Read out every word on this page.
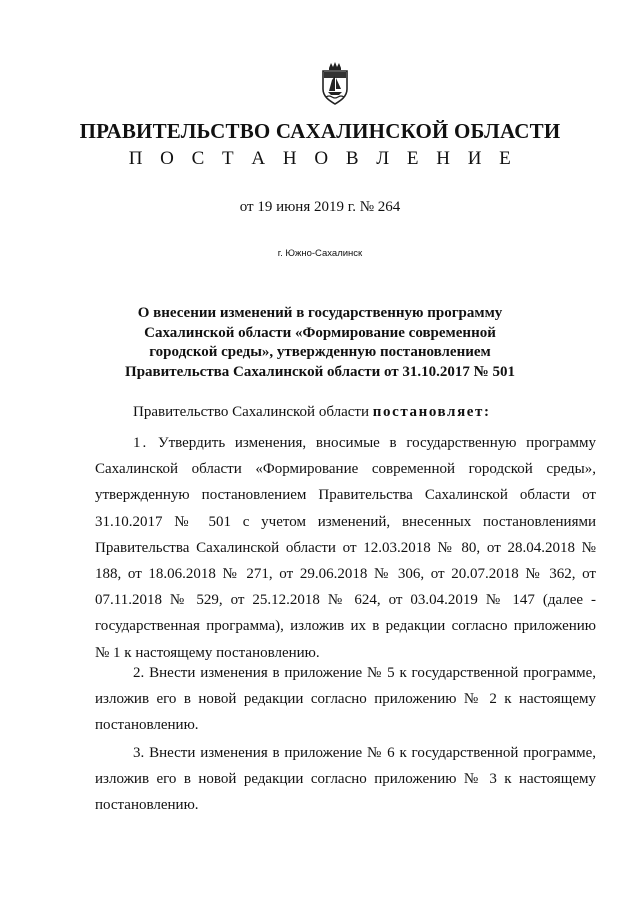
ПРАВИТЕЛЬСТВО САХАЛИНСКОЙ ОБЛАСТИ
П О С Т А Н О В Л Е Н И Е
от 19 июня 2019 г. № 264
г. Южно-Сахалинск
О внесении изменений в государственную программу
Сахалинской области «Формирование современной
городской среды», утвержденную постановлением
Правительства Сахалинской области от 31.10.2017 № 501
Правительство Сахалинской области постановляет:

1. Утвердить изменения, вносимые в государственную программу Сахалинской области «Формирование современной городской среды», утвержденную постановлением Правительства Сахалинской области от 31.10.2017 № 501 с учетом изменений, внесенных постановлениями Правительства Сахалинской области от 12.03.2018 № 80, от 28.04.2018 № 188, от 18.06.2018 № 271, от 29.06.2018 № 306, от 20.07.2018 № 362, от 07.11.2018 № 529, от 25.12.2018 № 624, от 03.04.2019 № 147 (далее - государственная программа), изложив их в редакции согласно приложению № 1 к настоящему постановлению.

2. Внести изменения в приложение № 5 к государственной программе, изложив его в новой редакции согласно приложению № 2 к настоящему постановлению.

3. Внести изменения в приложение № 6 к государственной программе, изложив его в новой редакции согласно приложению № 3 к настоящему постановлению.
